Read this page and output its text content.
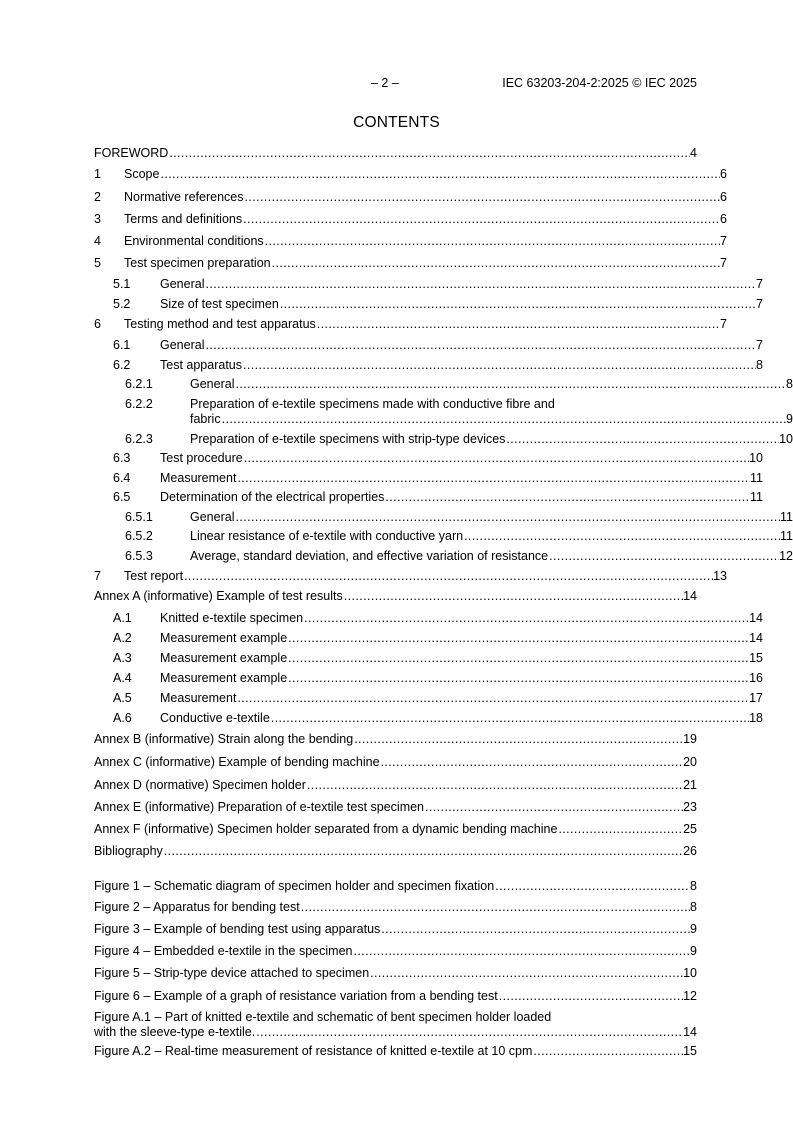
– 2 –	IEC 63203-204-2:2025 © IEC 2025
CONTENTS
FOREWORD .....	4
1 Scope .....	6
2 Normative references .....	6
3 Terms and definitions .....	6
4 Environmental conditions .....	7
5 Test specimen preparation .....	7
5.1 General .....	7
5.2 Size of test specimen .....	7
6 Testing method and test apparatus .....	7
6.1 General .....	7
6.2 Test apparatus .....	8
6.2.1	General .....	8
6.2.2	Preparation of e-textile specimens made with conductive fibre and
fabric .....	9
6.2.3	Preparation of e-textile specimens with strip-type devices .....	10
6.3 Test procedure .....	10
6.4 Measurement .....	11
6.5 Determination of the electrical properties .....	11
6.5.1	General .....	11
6.5.2	Linear resistance of e-textile with conductive yarn .....	11
6.5.3	Average, standard deviation, and effective variation of resistance .....	12
7 Test report .....	13
Annex A (informative) Example of test results .....	14
A.1 Knitted e-textile specimen .....	14
A.2 Measurement example .....	14
A.3 Measurement example .....	15
A.4 Measurement example .....	16
A.5 Measurement .....	17
A.6 Conductive e-textile .....	18
Annex B (informative) Strain along the bending .....	19
Annex C (informative) Example of bending machine .....	20
Annex D (normative) Specimen holder .....	21
Annex E (informative) Preparation of e-textile test specimen .....	23
Annex F (informative) Specimen holder separated from a dynamic bending machine .....	25
Bibliography .....	26
Figure 1 – Schematic diagram of specimen holder and specimen fixation .....	8
Figure 2 – Apparatus for bending test .....	8
Figure 3 – Example of bending test using apparatus .....	9
Figure 4 – Embedded e-textile in the specimen .....	9
Figure 5 – Strip-type device attached to specimen .....	10
Figure 6 – Example of a graph of resistance variation from a bending test .....	12
Figure A.1 – Part of knitted e-textile and schematic of bent specimen holder loaded
with the sleeve-type e-textile. .....	14
Figure A.2 – Real-time measurement of resistance of knitted e-textile at 10 cpm .....	15
